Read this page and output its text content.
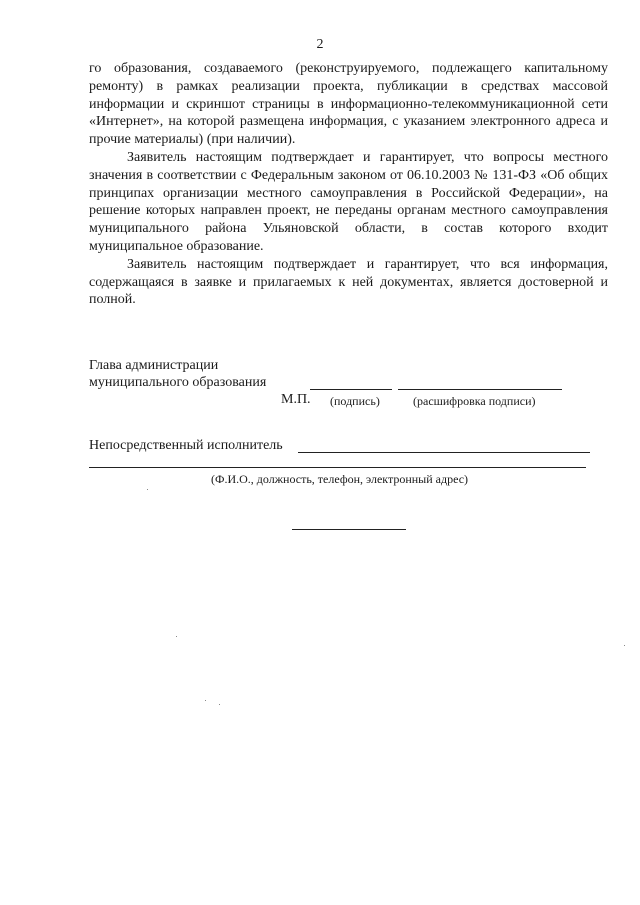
2

го образования, создаваемого (реконструируемого, подлежащего капитальному ремонту) в рамках реализации проекта, публикации в средствах массовой информации и скриншот страницы в информационно-телекоммуникационной сети «Интернет», на которой размещена информация, с указанием электронного адреса и прочие материалы) (при наличии).

Заявитель настоящим подтверждает и гарантирует, что вопросы местного значения в соответствии с Федеральным законом от 06.10.2003 № 131-ФЗ «Об общих принципах организации местного самоуправления в Российской Федерации», на решение которых направлен проект, не переданы органам местного самоуправления муниципального района Ульяновской области, в состав которого входит муниципальное образование.

Заявитель настоящим подтверждает и гарантирует, что вся информация, содержащаяся в заявке и прилагаемых к ней документах, является достоверной и полной.

Глава администрации
муниципального образования
М.П. (подпись)	(расшифровка подписи)
Непосредственный исполнитель
(Ф.И.О., должность, телефон, электронный адрес)
